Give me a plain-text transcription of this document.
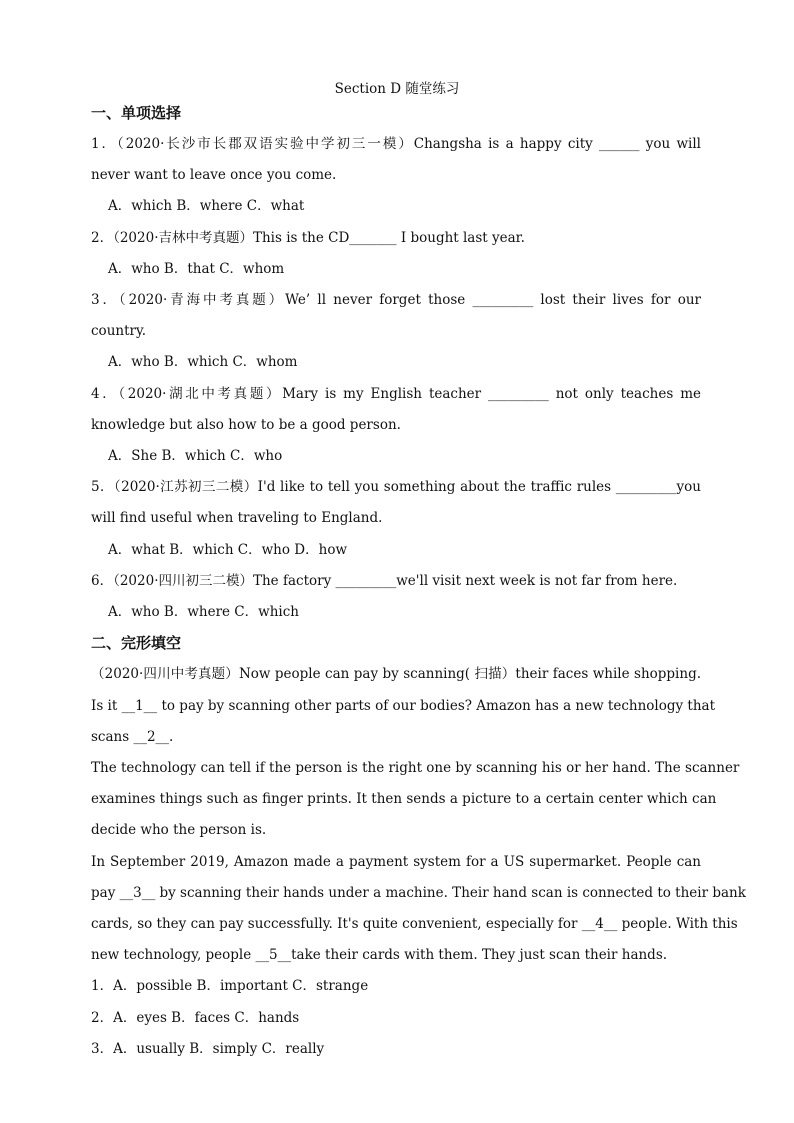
Section D 随堂练习
一、单项选择
1．（2020·长沙市长郡双语实验中学初三一模）Changsha is a happy city ______ you will
never want to leave once you come.
A．which B．where C．what
2．（2020·吉林中考真题）This is the CD_______ I bought last year.
A．who B．that C．whom
3．（2020·青海中考真题）We’ ll never forget those _________ lost their lives for our
country.
A．who B．which C．whom
4．（2020·湖北中考真题）Mary is my English teacher _________ not only teaches me
knowledge but also how to be a good person.
A．She B．which C．who
5．（2020·江苏初三二模）I'd like to tell you something about the traffic rules _________you
will find useful when traveling to England.
A．what B．which C．who D．how
6．（2020·四川初三二模）The factory _________we'll visit next week is not far from here.
A．who B．where C．which
二、完形填空
（2020·四川中考真题）Now people can pay by scanning( 扫描）their faces while shopping.
Is it __1__ to pay by scanning other parts of our bodies? Amazon has a new technology that
scans __2__.
The technology can tell if the person is the right one by scanning his or her hand. The scanner
examines things such as finger prints. It then sends a picture to a certain center which can
decide who the person is.
In September 2019, Amazon made a payment system for a US supermarket. People can
pay __3__ by scanning their hands under a machine. Their hand scan is connected to their bank
cards, so they can pay successfully. It's quite convenient, especially for __4__ people. With this
new technology, people __5__take their cards with them. They just scan their hands.
1．A．possible B．important C．strange
2．A．eyes B．faces C．hands
3．A．usually B．simply C．really
